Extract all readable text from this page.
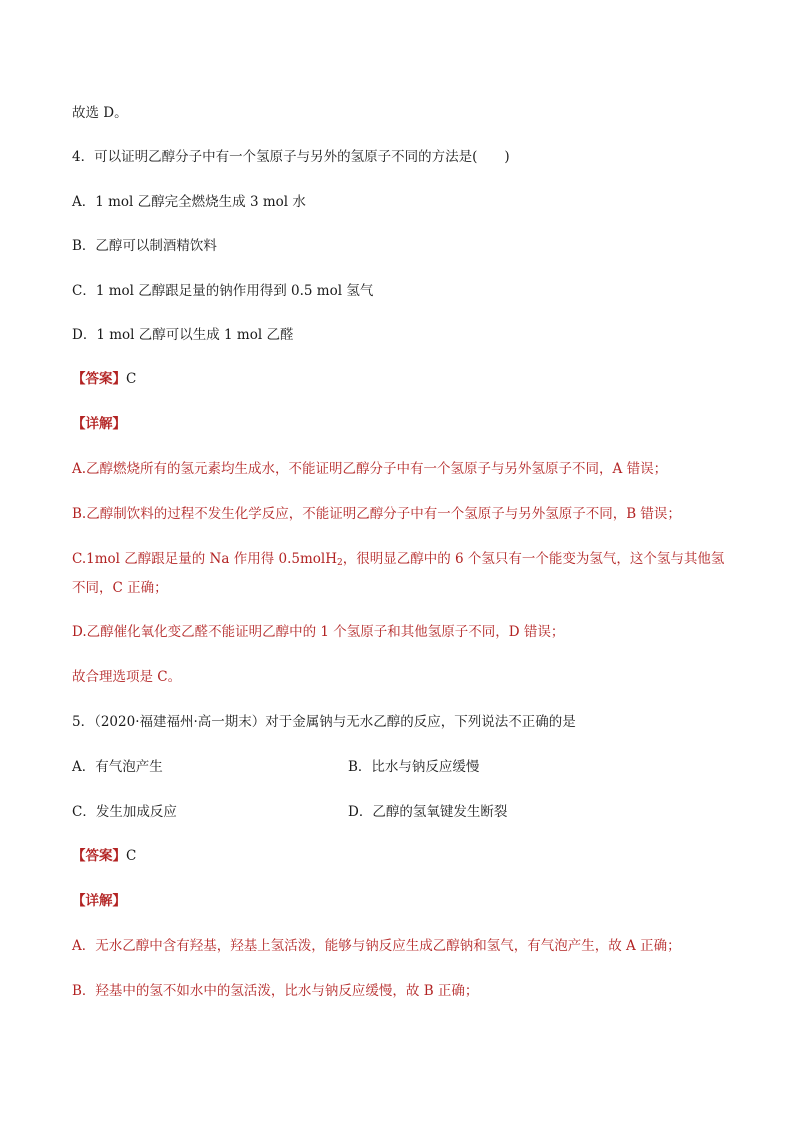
故选 D。
4．可以证明乙醇分子中有一个氢原子与另外的氢原子不同的方法是(　　)
A．1 mol 乙醇完全燃烧生成 3 mol 水
B．乙醇可以制酒精饮料
C．1 mol 乙醇跟足量的钠作用得到 0.5 mol 氢气
D．1 mol 乙醇可以生成 1 mol 乙醛
【答案】C
【详解】
A.乙醇燃烧所有的氢元素均生成水，不能证明乙醇分子中有一个氢原子与另外氢原子不同，A 错误；
B.乙醇制饮料的过程不发生化学反应，不能证明乙醇分子中有一个氢原子与另外氢原子不同，B 错误；
C.1mol 乙醇跟足量的 Na 作用得 0.5molH$_2$，很明显乙醇中的 6 个氢只有一个能变为氢气，这个氢与其他氢
不同，C 正确；
D.乙醇催化氧化变乙醛不能证明乙醇中的 1 个氢原子和其他氢原子不同，D 错误；
故合理选项是 C。
5．（2020·福建福州·高一期末）对于金属钠与无水乙醇的反应，下列说法不正确的是
A．有气泡产生	B．比水与钠反应缓慢
C．发生加成反应	D．乙醇的氢氧键发生断裂
【答案】C
【详解】
A．无水乙醇中含有羟基，羟基上氢活泼，能够与钠反应生成乙醇钠和氢气，有气泡产生，故 A 正确；
B．羟基中的氢不如水中的氢活泼，比水与钠反应缓慢，故 B 正确；
